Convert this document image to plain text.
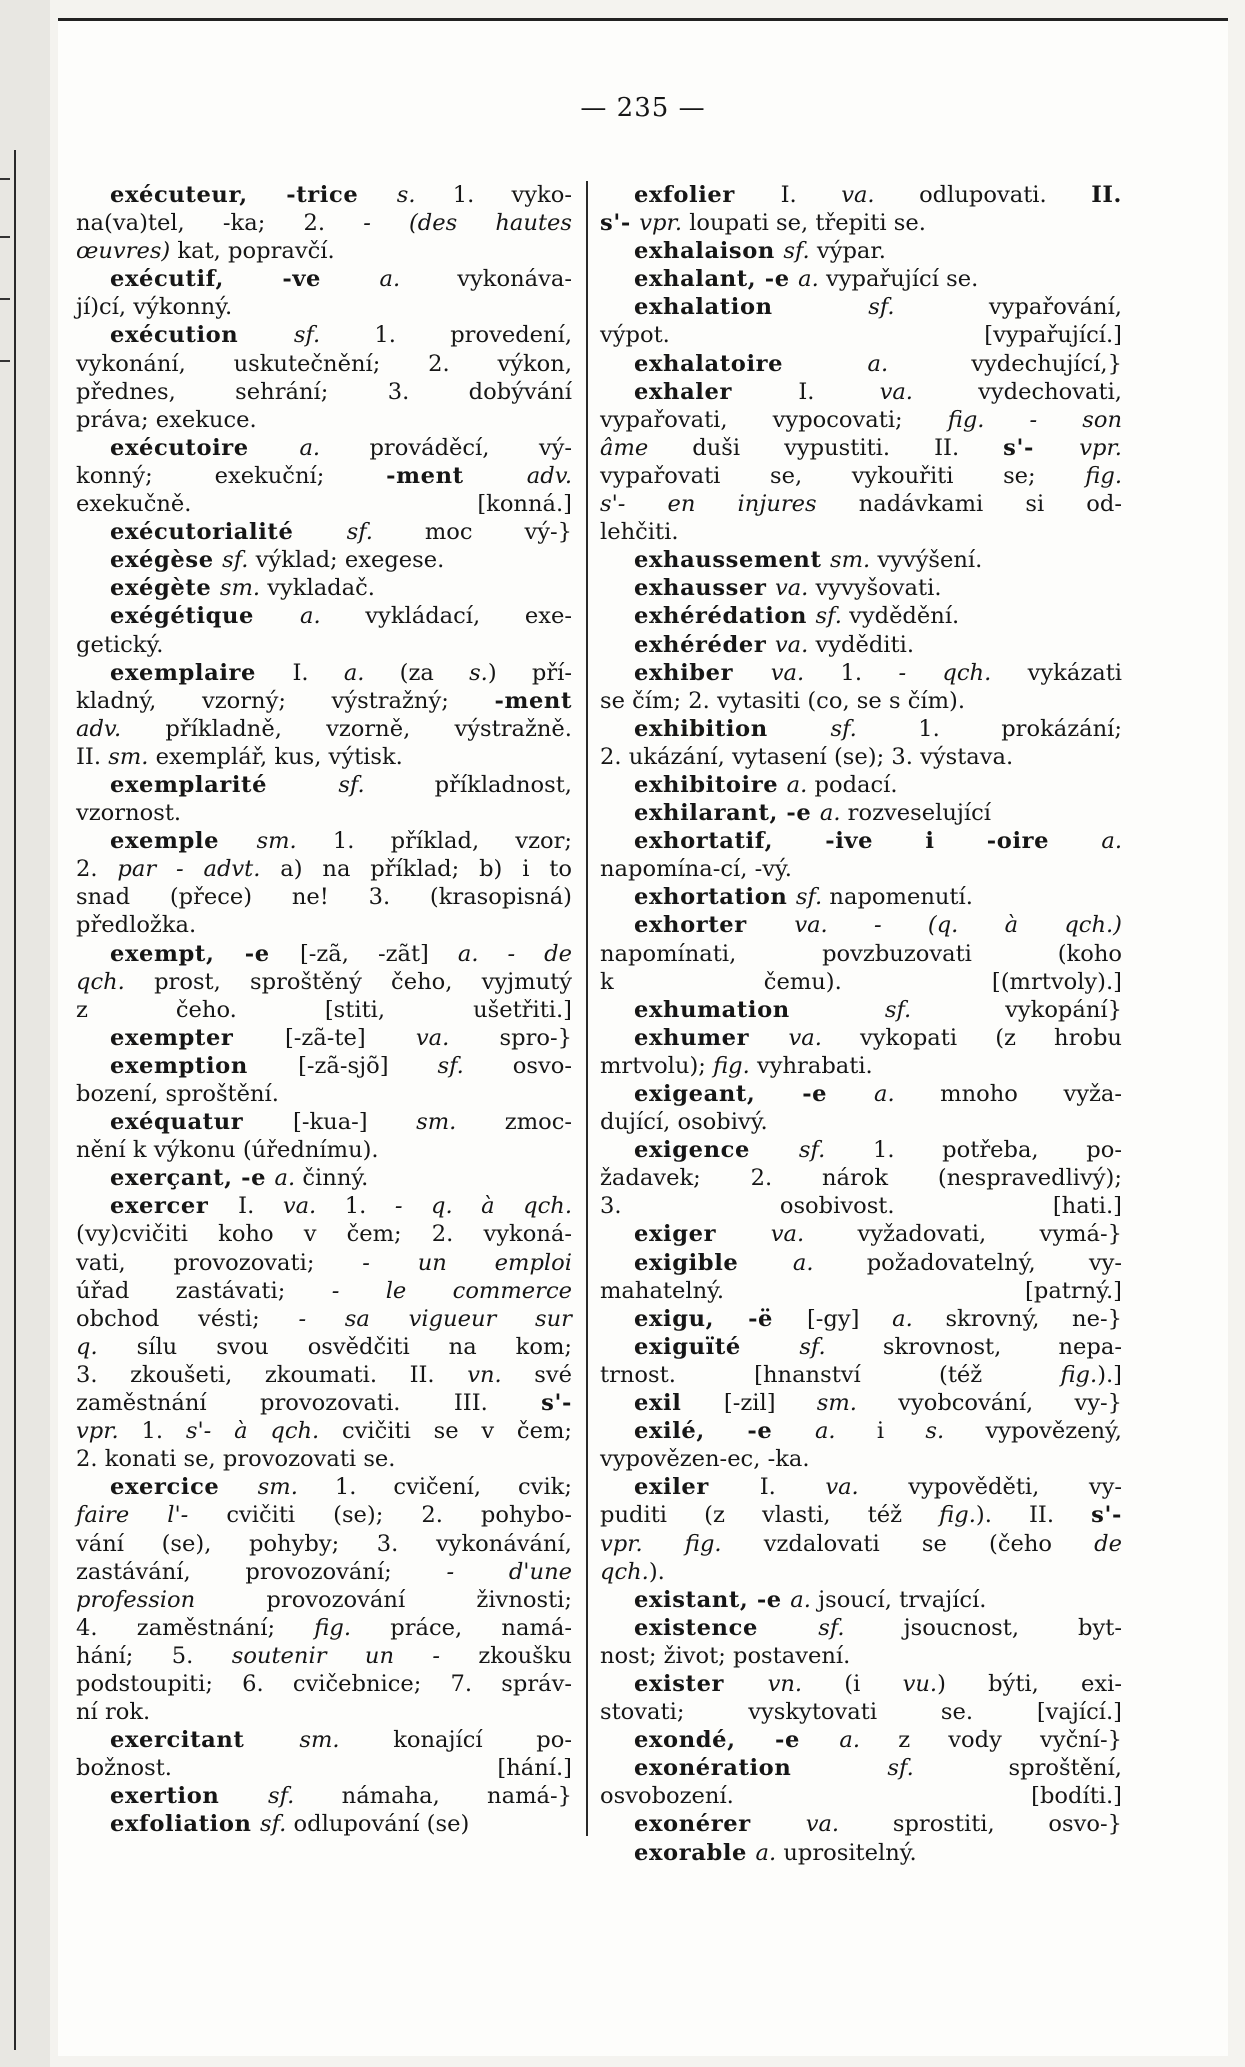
— 235 —
exécuteur, -trice s. 1. vyko-
na(va)tel, -ka; 2. - (des hautes
œuvres) kat, popravčí.
exécutif, -ve a. vykonáva-
jí)cí, výkonný.
exécution sf. 1. provedení,
vykonání, uskutečnění; 2. výkon,
přednes, sehrání; 3. dobývání
práva; exekuce.
exécutoire a. prováděcí, vý-
konný; exekuční; -ment adv.
exekučně. [konná.]
exécutorialité sf. moc vý-}
exégèse sf. výklad; exegese.
exégète sm. vykladač.
exégétique a. vykládací, exe-
getický.
exemplaire I. a. (za s.) pří-
kladný, vzorný; výstražný; -ment
adv. příkladně, vzorně, výstražně.
II. sm. exemplář, kus, výtisk.
exemplarité sf. příkladnost,
vzornost.
exemple sm. 1. příklad, vzor;
2. par - advt. a) na příklad; b) i to
snad (přece) ne! 3. (krasopisná)
předložka.
exempt, -e [-zã, -zãt] a. - de
qch. prost, sproštěný čeho, vyjmutý
z čeho. [stiti, ušetřiti.]
exempter [-zã-te] va. spro-}
exemption [-zã-sjõ] sf. osvo-
bození, sproštění.
exéquatur [-kua-] sm. zmoc-
nění k výkonu (úřednímu).
exerçant, -e a. činný.
exercer I. va. 1. - q. à qch.
(vy)cvičiti koho v čem; 2. vykoná-
vati, provozovati; - un emploi
úřad zastávati; - le commerce
obchod vésti; - sa vigueur sur
q. sílu svou osvědčiti na kom;
3. zkoušeti, zkoumati. II. vn. své
zaměstnání provozovati. III. s'-
vpr. 1. s'- à qch. cvičiti se v čem;
2. konati se, provozovati se.
exercice sm. 1. cvičení, cvik;
faire l'- cvičiti (se); 2. pohybo-
vání (se), pohyby; 3. vykonávání,
zastávání, provozování; - d'une
profession provozování živnosti;
4. zaměstnání; fig. práce, namá-
hání; 5. soutenir un - zkoušku
podstoupiti; 6. cvičebnice; 7. správ-
ní rok.
exercitant sm. konající po-
božnost. [hání.]
exertion sf. námaha, namá-}
exfoliation sf. odlupování (se)
exfolier I. va. odlupovati. II.
s'- vpr. loupati se, třepiti se.
exhalaison sf. výpar.
exhalant, -e a. vypařující se.
exhalation sf. vypařování,
výpot. [vypařující.]
exhalatoire a. vydechující,}
exhaler I. va. vydechovati,
vypařovati, vypocovati; fig. - son
âme duši vypustiti. II. s'- vpr.
vypařovati se, vykouřiti se; fig.
s'- en injures nadávkami si od-
lehčiti.
exhaussement sm. vyvýšení.
exhausser va. vyvyšovati.
exhérédation sf. vydědění.
exhéréder va. vyděditi.
exhiber va. 1. - qch. vykázati
se čím; 2. vytasiti (co, se s čím).
exhibition sf. 1. prokázání;
2. ukázání, vytasení (se); 3. výstava.
exhibitoire a. podací.
exhilarant, -e a. rozveselující
exhortatif, -ive i -oire a.
napomína-cí, -vý.
exhortation sf. napomenutí.
exhorter va. - (q. à qch.)
napomínati, povzbuzovati (koho
k čemu). [(mrtvoly).]
exhumation sf. vykopání}
exhumer va. vykopati (z hrobu
mrtvolu); fig. vyhrabati.
exigeant, -e a. mnoho vyža-
dující, osobivý.
exigence sf. 1. potřeba, po-
žadavek; 2. nárok (nespravedlivý);
3. osobivost. [hati.]
exiger va. vyžadovati, vymá-}
exigible a. požadovatelný, vy-
mahatelný. [patrný.]
exigu, -ë [-gy] a. skrovný, ne-}
exiguïté sf. skrovnost, nepa-
trnost. [hnanství (též fig.).]
exil [-zil] sm. vyobcování, vy-}
exilé, -e a. i s. vypovězený,
vypovězen-ec, -ka.
exiler I. va. vypověděti, vy-
puditi (z vlasti, též fig.). II. s'-
vpr. fig. vzdalovati se (čeho de
qch.).
existant, -e a. jsoucí, trvající.
existence sf. jsoucnost, byt-
nost; život; postavení.
exister vn. (i vu.) býti, exi-
stovati; vyskytovati se. [vající.]
exondé, -e a. z vody vyční-}
exonération sf. sproštění,
osvobození. [bodíti.]
exonérer va. sprostiti, osvo-}
exorable a. uprositelný.
